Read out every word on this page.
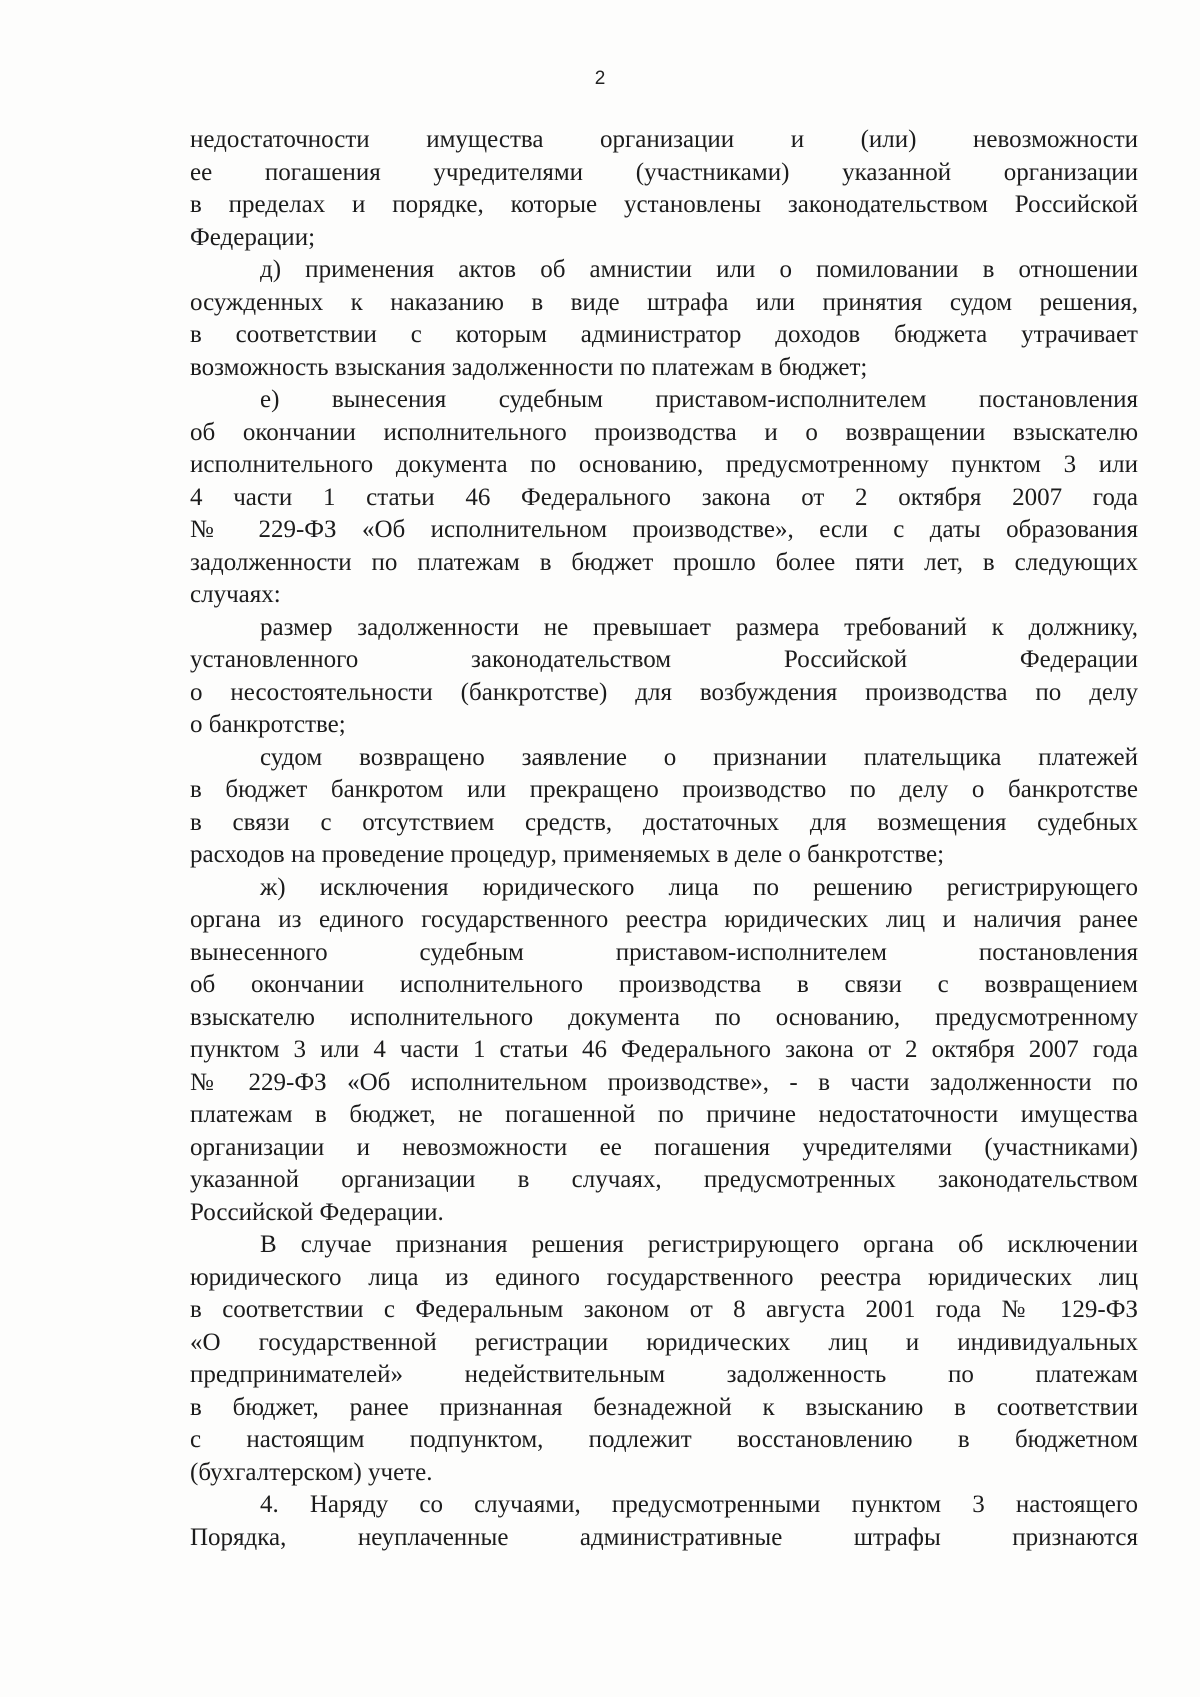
2
недостаточности имущества организации и (или) невозможности
ее погашения учредителями (участниками) указанной организации
в пределах и порядке, которые установлены законодательством Российской
Федерации;
д) применения актов об амнистии или о помиловании в отношении
осужденных к наказанию в виде штрафа или принятия судом решения,
в соответствии с которым администратор доходов бюджета утрачивает
возможность взыскания задолженности по платежам в бюджет;
е) вынесения судебным приставом-исполнителем постановления
об окончании исполнительного производства и о возвращении взыскателю
исполнительного документа по основанию, предусмотренному пунктом 3 или
4 части 1 статьи 46 Федерального закона от 2 октября 2007 года
№ 229-ФЗ «Об исполнительном производстве», если с даты образования
задолженности по платежам в бюджет прошло более пяти лет, в следующих
случаях:
размер задолженности не превышает размера требований к должнику,
установленного законодательством Российской Федерации
о несостоятельности (банкротстве) для возбуждения производства по делу
о банкротстве;
судом возвращено заявление о признании плательщика платежей
в бюджет банкротом или прекращено производство по делу о банкротстве
в связи с отсутствием средств, достаточных для возмещения судебных
расходов на проведение процедур, применяемых в деле о банкротстве;
ж) исключения юридического лица по решению регистрирующего
органа из единого государственного реестра юридических лиц и наличия ранее
вынесенного судебным приставом-исполнителем постановления
об окончании исполнительного производства в связи с возвращением
взыскателю исполнительного документа по основанию, предусмотренному
пунктом 3 или 4 части 1 статьи 46 Федерального закона от 2 октября 2007 года
№ 229-ФЗ «Об исполнительном производстве», - в части задолженности по
платежам в бюджет, не погашенной по причине недостаточности имущества
организации и невозможности ее погашения учредителями (участниками)
указанной организации в случаях, предусмотренных законодательством
Российской Федерации.
В случае признания решения регистрирующего органа об исключении
юридического лица из единого государственного реестра юридических лиц
в соответствии с Федеральным законом от 8 августа 2001 года № 129-ФЗ
«О государственной регистрации юридических лиц и индивидуальных
предпринимателей» недействительным задолженность по платежам
в бюджет, ранее признанная безнадежной к взысканию в соответствии
с настоящим подпунктом, подлежит восстановлению в бюджетном
(бухгалтерском) учете.
4. Наряду со случаями, предусмотренными пунктом 3 настоящего
Порядка, неуплаченные административные штрафы признаются
